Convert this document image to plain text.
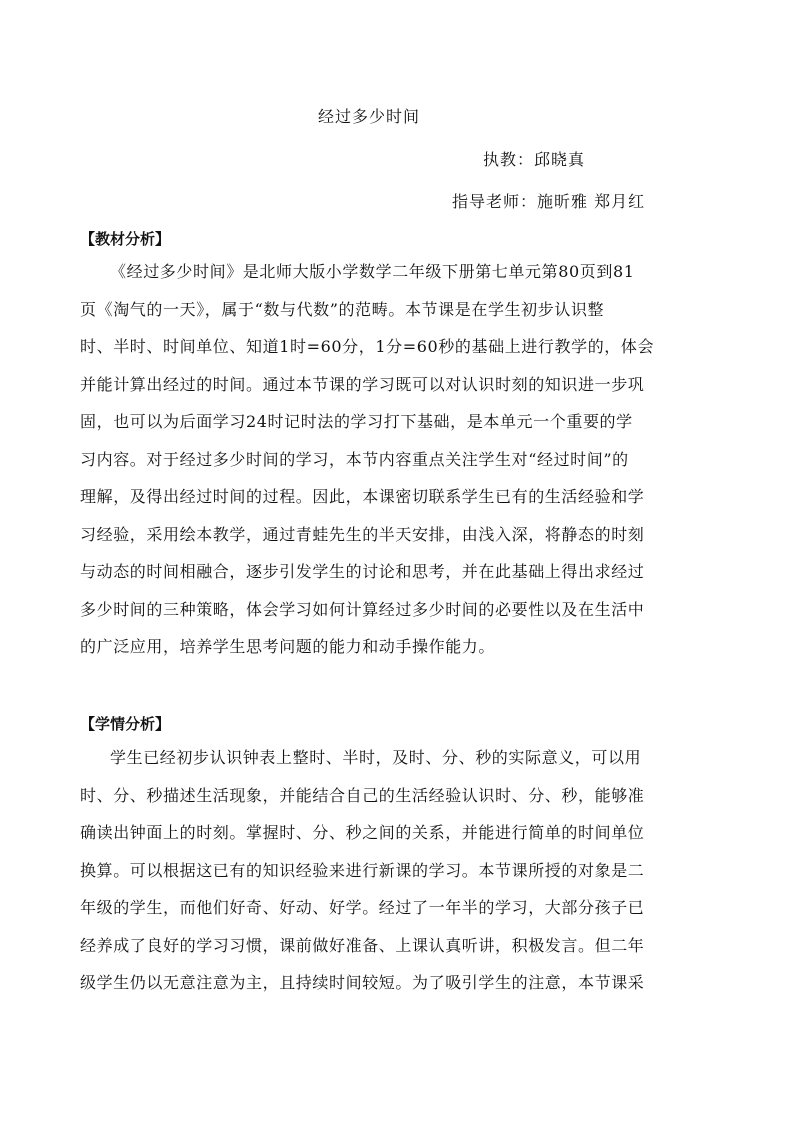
经过多少时间
执教：邱晓真
指导老师：施昕雅 郑月红
【教材分析】
《经过多少时间》是北师大版小学数学二年级下册第七单元第80页到81
页《淘气的一天》，属于“数与代数”的范畴。本节课是在学生初步认识整
时、半时、时间单位、知道1时=60分，1分=60秒的基础上进行教学的，体会
并能计算出经过的时间。通过本节课的学习既可以对认识时刻的知识进一步巩
固，也可以为后面学习24时记时法的学习打下基础，是本单元一个重要的学
习内容。对于经过多少时间的学习，本节内容重点关注学生对“经过时间”的
理解，及得出经过时间的过程。因此，本课密切联系学生已有的生活经验和学
习经验，采用绘本教学，通过青蛙先生的半天安排，由浅入深，将静态的时刻
与动态的时间相融合，逐步引发学生的讨论和思考，并在此基础上得出求经过
多少时间的三种策略，体会学习如何计算经过多少时间的必要性以及在生活中
的广泛应用，培养学生思考问题的能力和动手操作能力。
【学情分析】
学生已经初步认识钟表上整时、半时，及时、分、秒的实际意义，可以用
时、分、秒描述生活现象，并能结合自己的生活经验认识时、分、秒，能够准
确读出钟面上的时刻。掌握时、分、秒之间的关系，并能进行简单的时间单位
换算。可以根据这已有的知识经验来进行新课的学习。本节课所授的对象是二
年级的学生，而他们好奇、好动、好学。经过了一年半的学习，大部分孩子已
经养成了良好的学习习惯，课前做好准备、上课认真听讲，积极发言。但二年
级学生仍以无意注意为主，且持续时间较短。为了吸引学生的注意，本节课采
